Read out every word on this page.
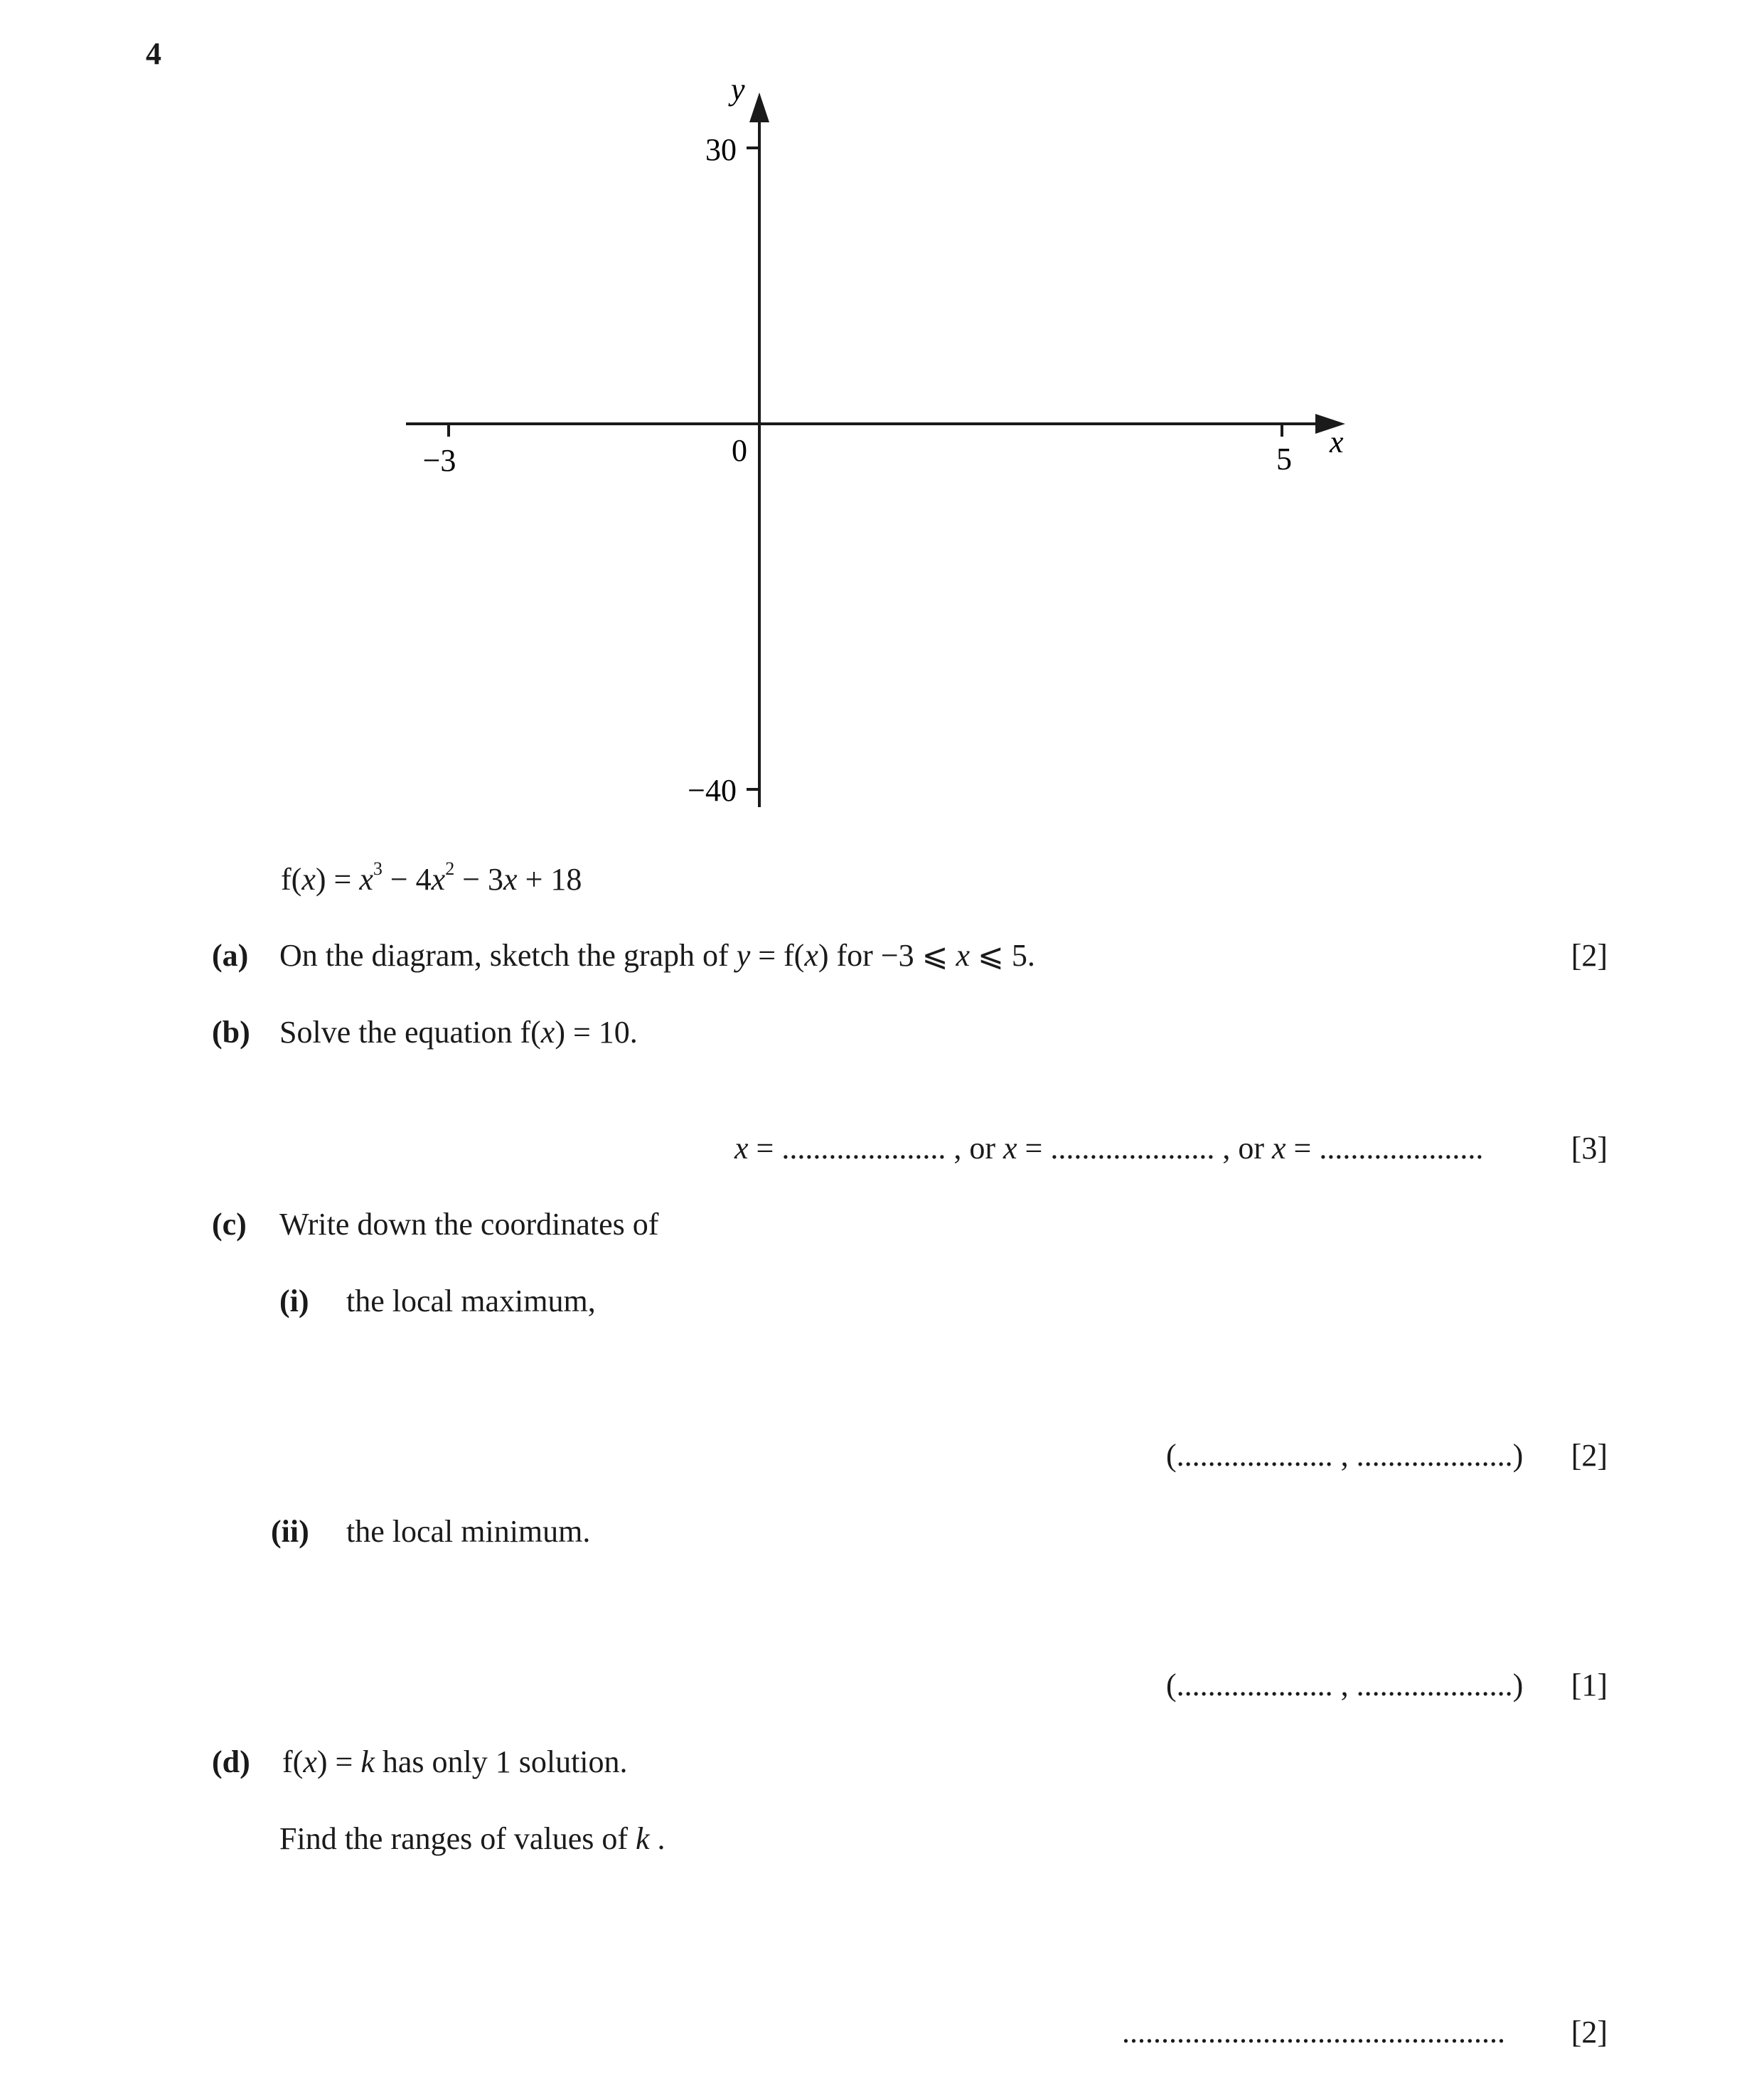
4
y
x
30
−40
−3	0	5
$f(x) = x^3 - 4x^2 - 3x + 18$
(a) On the diagram, sketch the graph of y = f(x) for −3 ⩽ x ⩽ 5.	[2]
(b) Solve the equation f(x) = 10.
x = ..................... , or x = ..................... , or x = .....................	[3]
(c) Write down the coordinates of
(i) the local maximum,
(.................... , ....................) [2]
(ii) the local minimum.
(.................... , ....................) [1]
(d) f(x) = k has only 1 solution.
Find the ranges of values of k .
................................................. [2]
